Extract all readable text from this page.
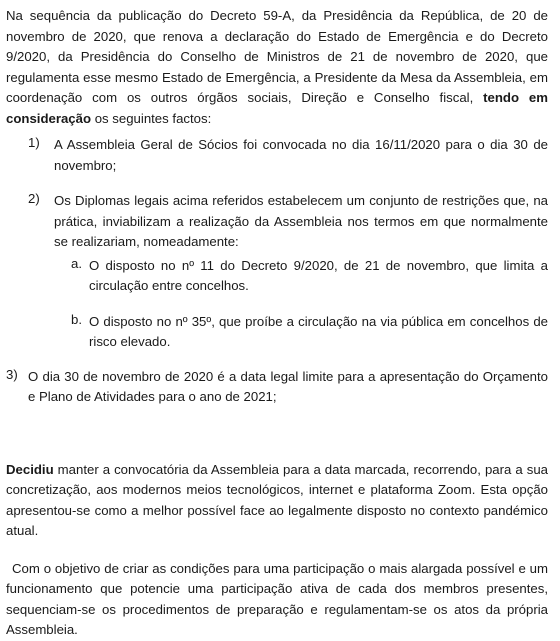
Na sequência da publicação do Decreto 59-A, da Presidência da República, de 20 de novembro de 2020, que renova a declaração do Estado de Emergência e do Decreto 9/2020, da Presidência do Conselho de Ministros de 21 de novembro de 2020, que regulamenta esse mesmo Estado de Emergência, a Presidente da Mesa da Assembleia, em coordenação com os outros órgãos sociais, Direção e Conselho fiscal, tendo em consideração os seguintes factos:

1)	A Assembleia Geral de Sócios foi convocada no dia 16/11/2020 para o dia 30 de novembro;

2)	Os Diplomas legais acima referidos estabelecem um conjunto de restrições que, na prática, inviabilizam a realização da Assembleia nos termos em que normalmente se realizariam, nomeadamente:

a. O disposto no nº 11 do Decreto 9/2020, de 21 de novembro, que limita a circulação entre concelhos.

b. O disposto no nº 35º, que proíbe a circulação na via pública em concelhos de risco elevado.

3) O dia 30 de novembro de 2020 é a data legal limite para a apresentação do Orçamento e Plano de Atividades para o ano de 2021;

Decidiu manter a convocatória da Assembleia para a data marcada, recorrendo, para a sua concretização, aos modernos meios tecnológicos, internet e plataforma Zoom. Esta opção apresentou-se como a melhor possível face ao legalmente disposto no contexto pandémico atual.

Com o objetivo de criar as condições para uma participação o mais alargada possível e um funcionamento que potencie uma participação ativa de cada dos membros presentes, sequenciam-se os procedimentos de preparação e regulamentam-se os atos da própria Assembleia.
